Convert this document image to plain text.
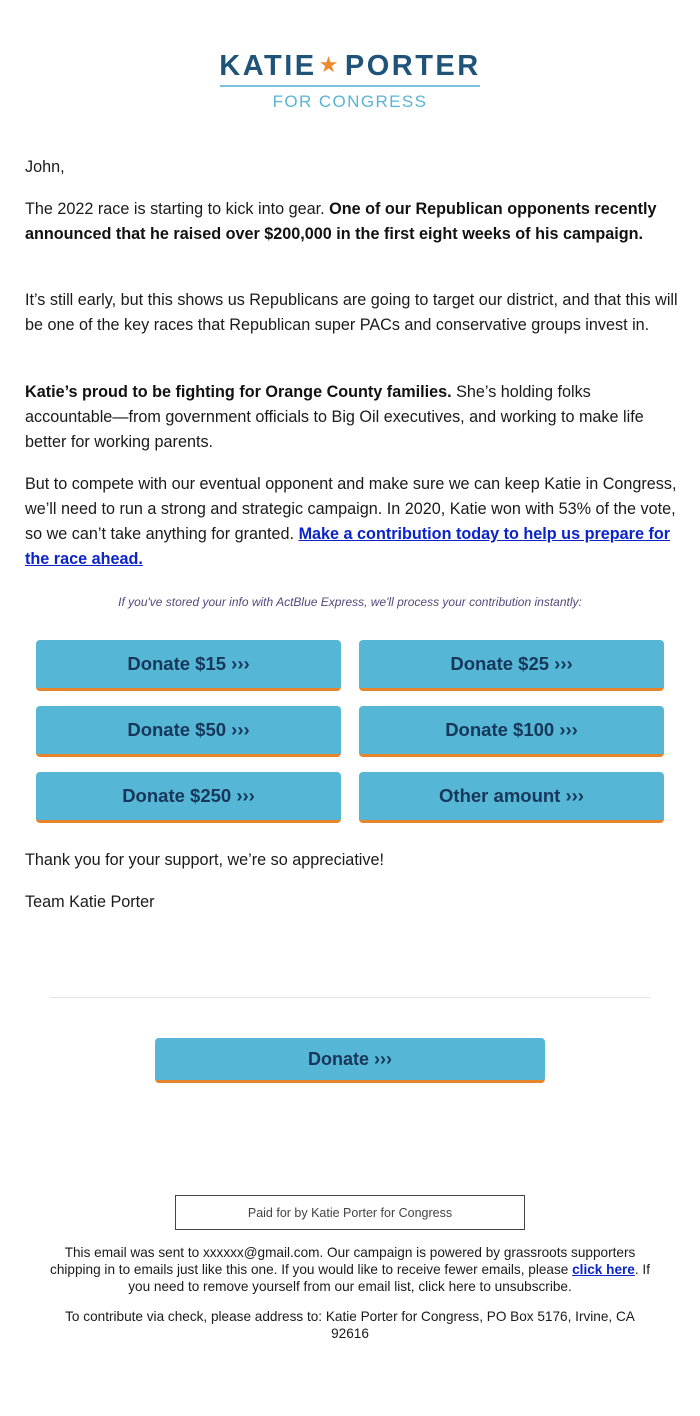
KATIE ★ PORTER
FOR CONGRESS
John,
The 2022 race is starting to kick into gear. One of our Republican opponents recently announced that he raised over $200,000 in the first eight weeks of his campaign.
It’s still early, but this shows us Republicans are going to target our district, and that this will be one of the key races that Republican super PACs and conservative groups invest in.
Katie’s proud to be fighting for Orange County families. She’s holding folks accountable—from government officials to Big Oil executives, and working to make life better for working parents.
But to compete with our eventual opponent and make sure we can keep Katie in Congress, we’ll need to run a strong and strategic campaign. In 2020, Katie won with 53% of the vote, so we can’t take anything for granted. Make a contribution today to help us prepare for the race ahead.
If you've stored your info with ActBlue Express, we'll process your contribution instantly:
Donate $15 ›››	Donate $25 ›››
Donate $50 ›››	Donate $100 ›››
Donate $250 ›››	Other amount ›››
Thank you for your support, we’re so appreciative!
Team Katie Porter
Donate ›››
Paid for by Katie Porter for Congress
This email was sent to xxxxxx@gmail.com. Our campaign is powered by grassroots supporters chipping in to emails just like this one. If you would like to receive fewer emails, please click here. If you need to remove yourself from our email list, click here to unsubscribe.
To contribute via check, please address to: Katie Porter for Congress, PO Box 5176, Irvine, CA 92616
